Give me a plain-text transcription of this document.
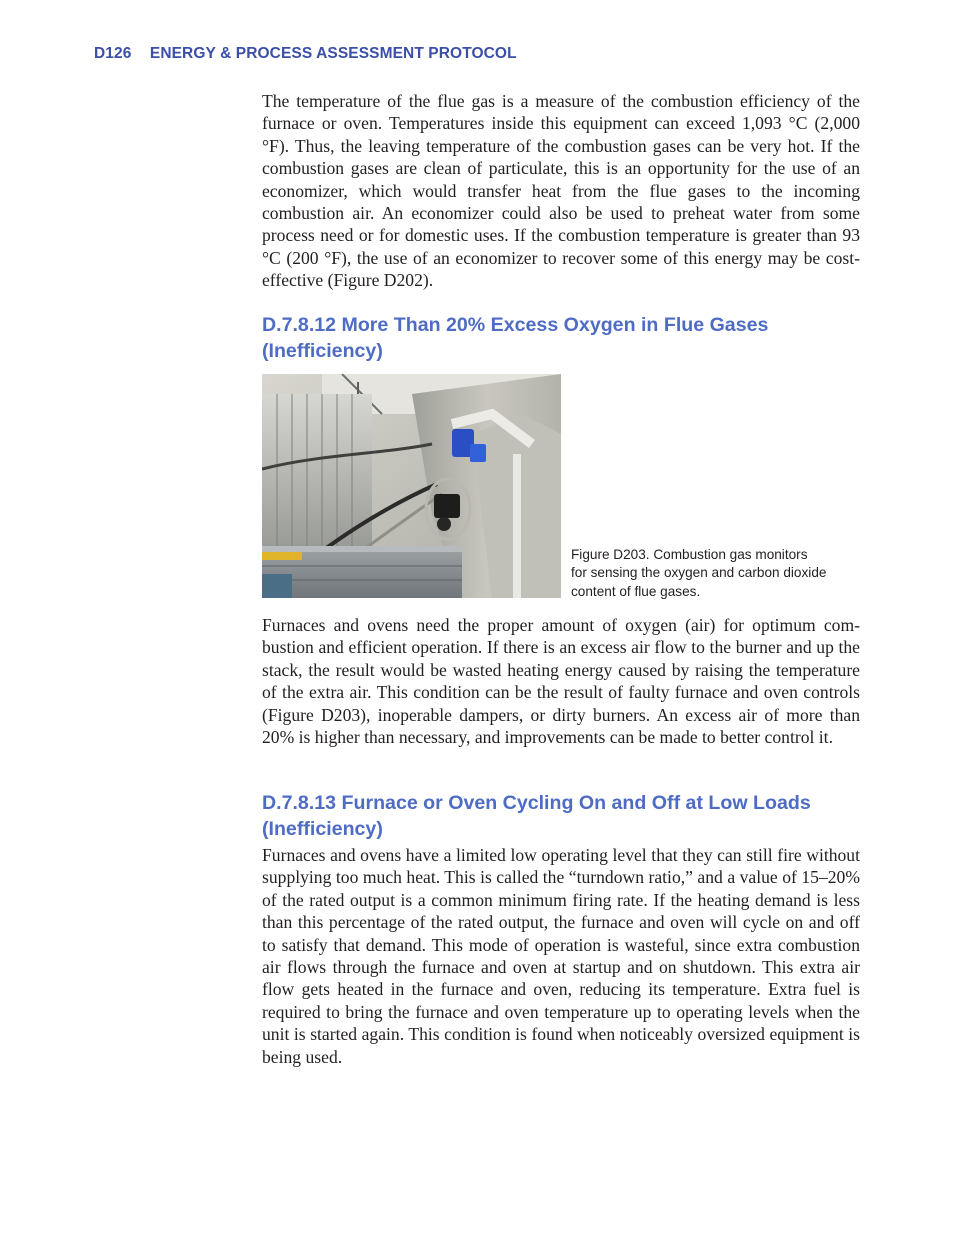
D126 ENERGY & PROCESS ASSESSMENT PROTOCOL

The temperature of the flue gas is a measure of the combustion efficiency of the furnace or oven. Temperatures inside this equipment can exceed 1,093 °C (2,000 °F). Thus, the leaving temperature of the combustion gases can be very hot. If the combustion gases are clean of particulate, this is an opportunity for the use of an economizer, which would transfer heat from the flue gases to the incoming combustion air. An economizer could also be used to preheat water from some process need or for domestic uses. If the combustion temperature is greater than 93 °C (200 °F), the use of an economizer to recover some of this energy may be cost-effective (Figure D202).

D.7.8.12 More Than 20% Excess Oxygen in Flue Gases
(Inefficiency)

Figure D203. Combustion gas monitors
for sensing the oxygen and carbon dioxide
content of flue gases.

Furnaces and ovens need the proper amount of oxygen (air) for optimum combustion and efficient operation. If there is an excess air flow to the burner and up the stack, the result would be wasted heating energy caused by raising the temperature of the extra air. This condition can be the result of faulty furnace and oven controls (Figure D203), inoperable dampers, or dirty burners. An excess air of more than 20% is higher than necessary, and improvements can be made to better control it.

D.7.8.13 Furnace or Oven Cycling On and Off at Low Loads
(Inefficiency)

Furnaces and ovens have a limited low operating level that they can still fire without supplying too much heat. This is called the “turndown ratio,” and a value of 15–20% of the rated output is a common minimum firing rate. If the heating demand is less than this percentage of the rated output, the furnace and oven will cycle on and off to satisfy that demand. This mode of operation is wasteful, since extra combustion air flows through the furnace and oven at startup and on shutdown. This extra air flow gets heated in the furnace and oven, reducing its temperature. Extra fuel is required to bring the furnace and oven temperature up to operating levels when the unit is started again. This condition is found when noticeably oversized equipment is being used.
